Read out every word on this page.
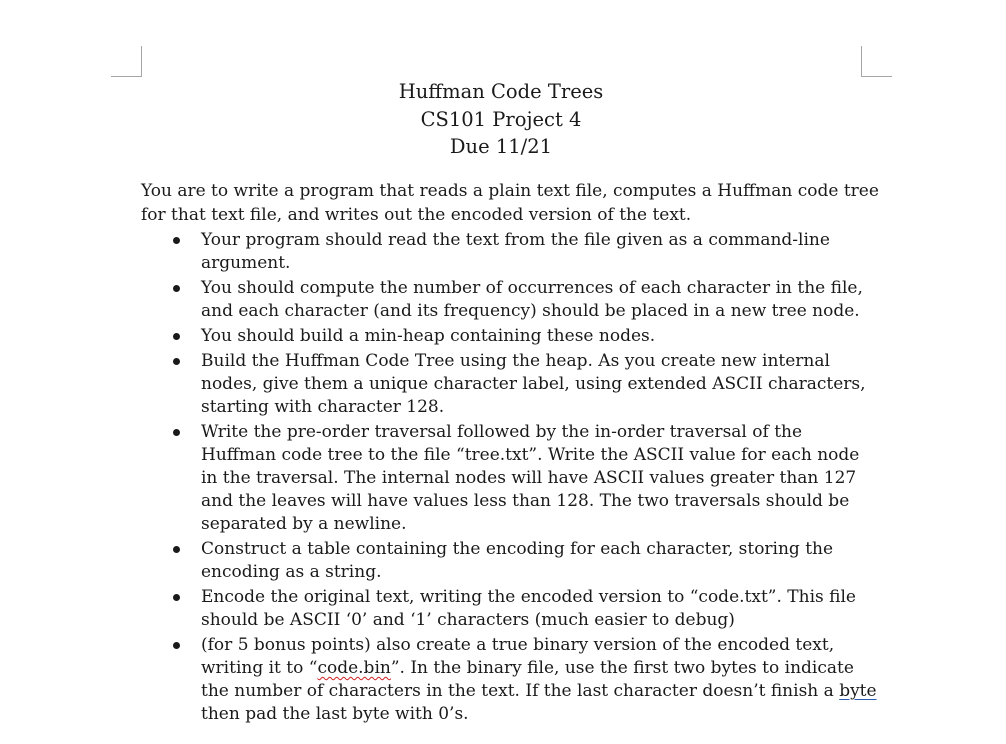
Huffman Code Trees
CS101 Project 4
Due 11/21
You are to write a program that reads a plain text file, computes a Huffman code tree
for that text file, and writes out the encoded version of the text.
Your program should read the text from the file given as a command-line
argument.
You should compute the number of occurrences of each character in the file,
and each character (and its frequency) should be placed in a new tree node.
You should build a min-heap containing these nodes.
Build the Huffman Code Tree using the heap. As you create new internal
nodes, give them a unique character label, using extended ASCII characters,
starting with character 128.
Write the pre-order traversal followed by the in-order traversal of the
Huffman code tree to the file “tree.txt”. Write the ASCII value for each node
in the traversal. The internal nodes will have ASCII values greater than 127
and the leaves will have values less than 128. The two traversals should be
separated by a newline.
Construct a table containing the encoding for each character, storing the
encoding as a string.
Encode the original text, writing the encoded version to “code.txt”. This file
should be ASCII ‘0’ and ‘1’ characters (much easier to debug)
(for 5 bonus points) also create a true binary version of the encoded text,
writing it to “code.bin”. In the binary file, use the first two bytes to indicate
the number of characters in the text. If the last character doesn’t finish a byte
then pad the last byte with 0’s.
